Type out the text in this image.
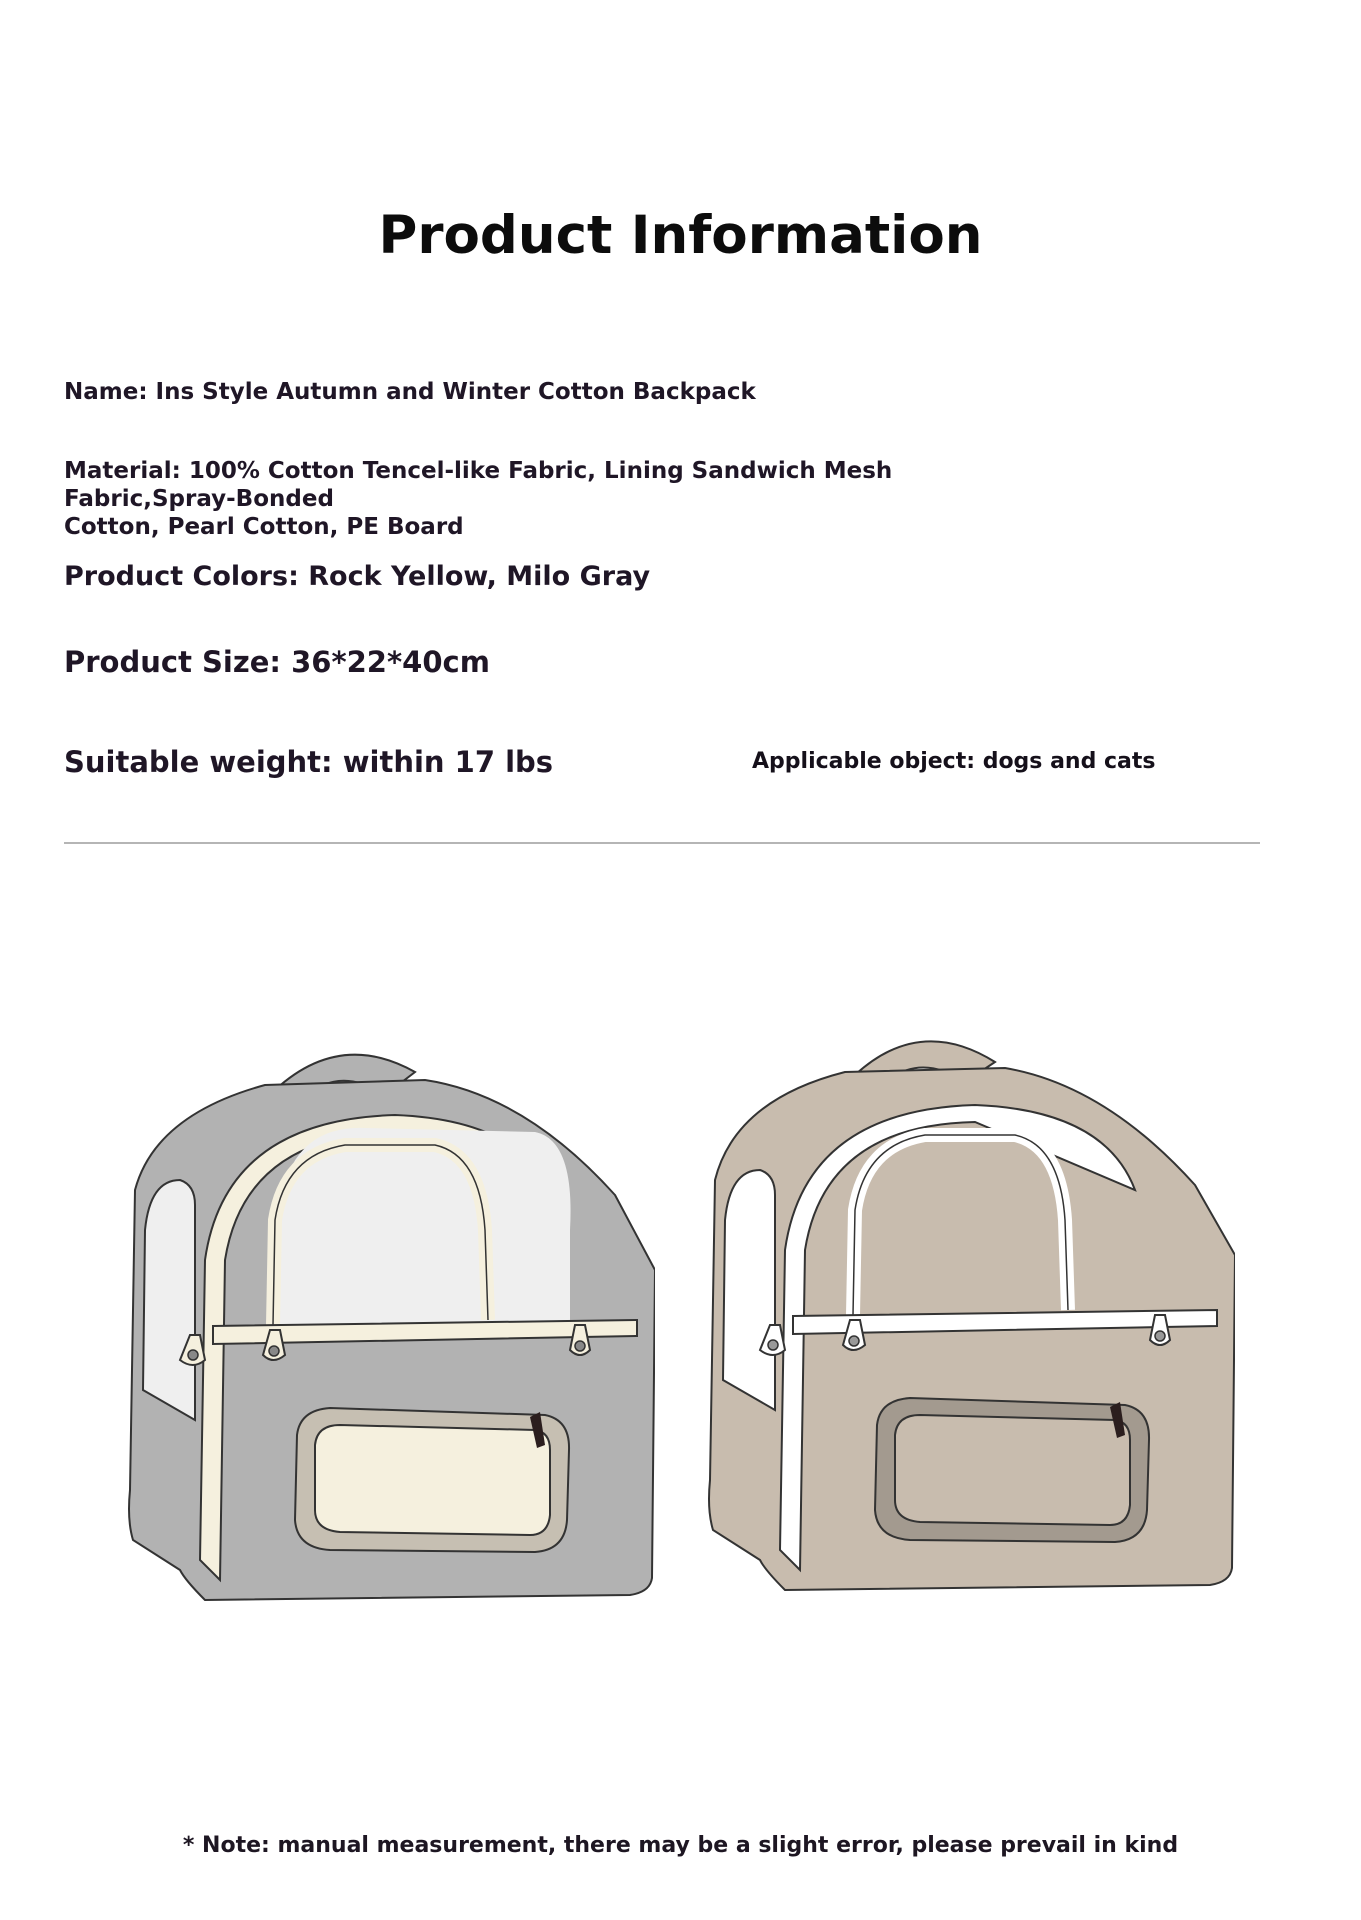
Product Information
Name: Ins Style Autumn and Winter Cotton Backpack
Material: 100% Cotton Tencel-like Fabric, Lining Sandwich Mesh Fabric,Spray-Bonded
Cotton, Pearl Cotton, PE Board
Product Colors: Rock Yellow, Milo Gray
Product Size: 36*22*40cm
Suitable weight: within 17 lbs	Applicable object: dogs and cats
* Note: manual measurement, there may be a slight error, please prevail in kind
